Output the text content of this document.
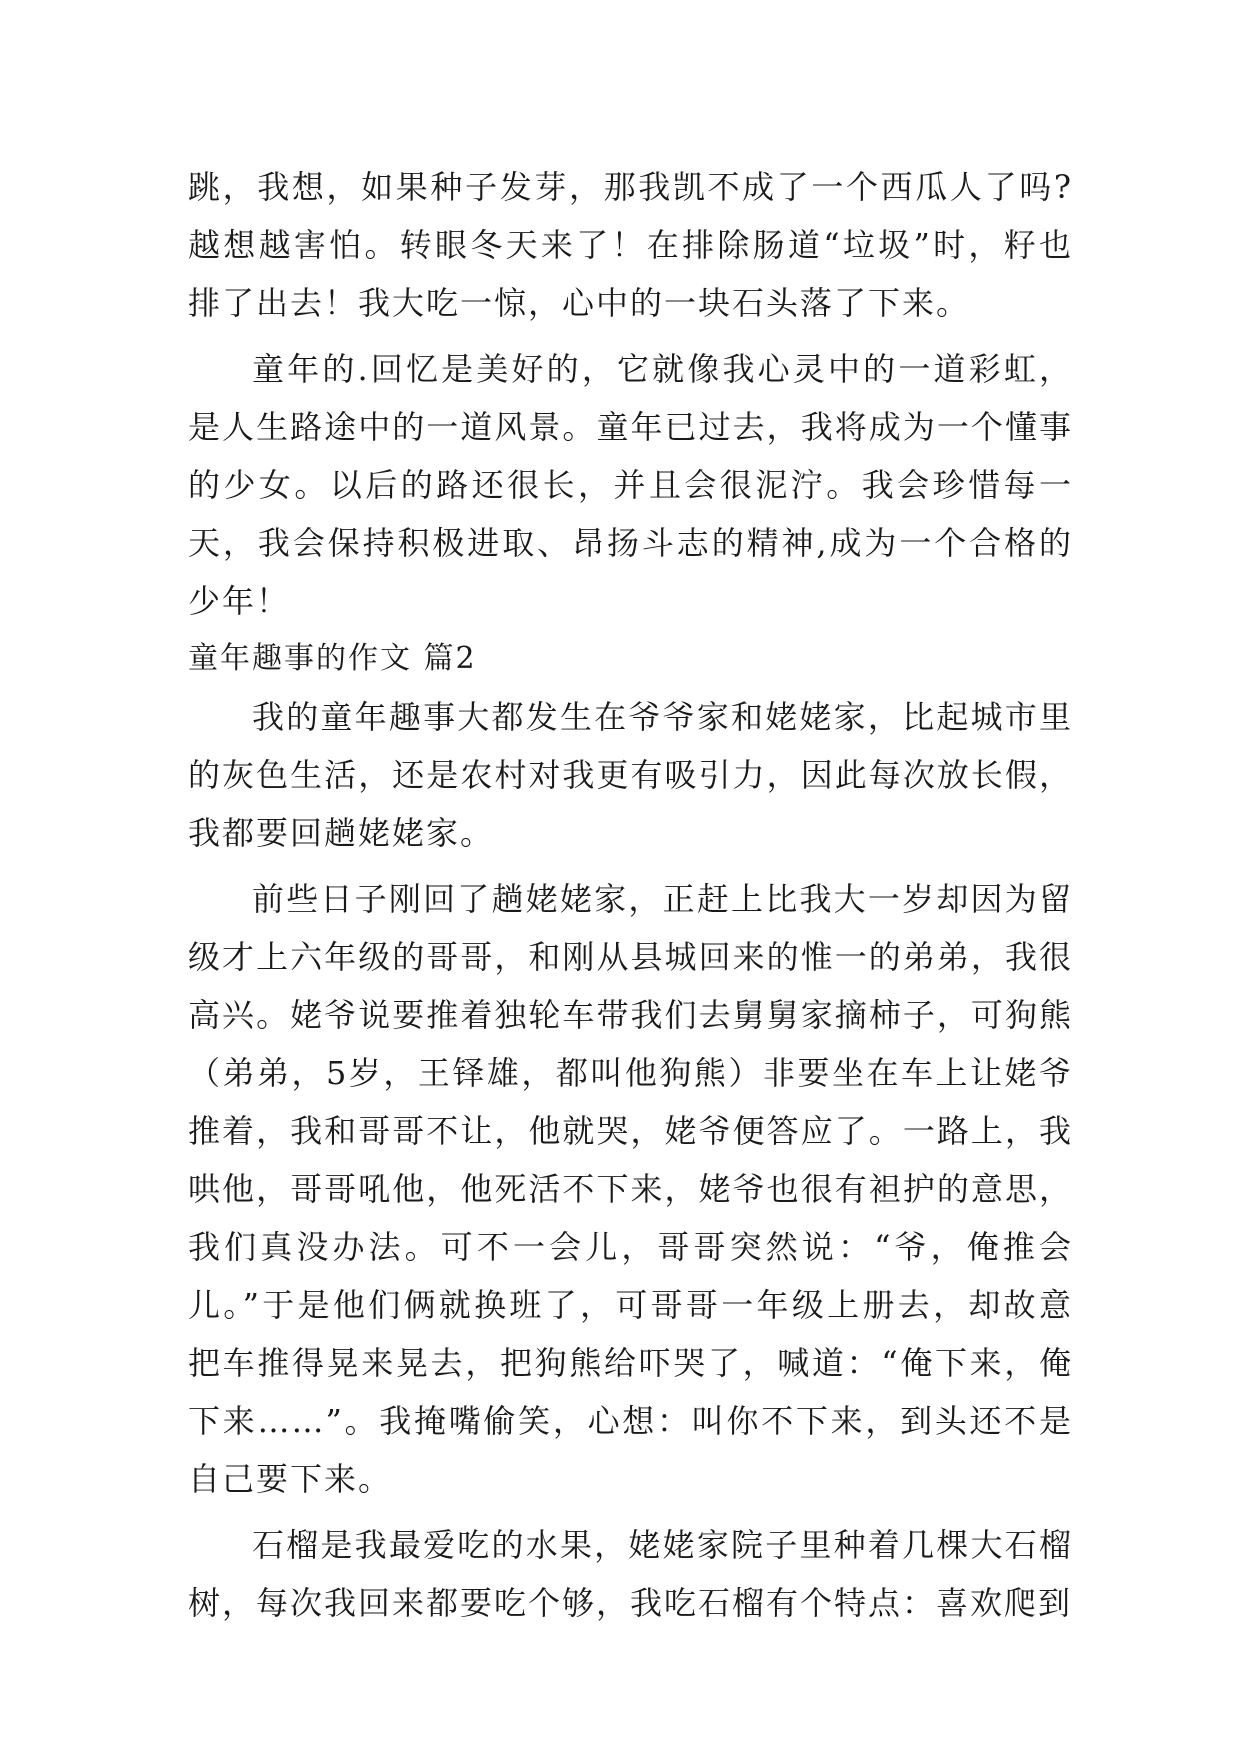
跳，我想，如果种子发芽，那我凯不成了一个西瓜人了吗?越想越害怕。转眼冬天来了！在排除肠道“垃圾”时，籽也排了出去！我大吃一惊，心中的一块石头落了下来。

童年的.回忆是美好的，它就像我心灵中的一道彩虹，是人生路途中的一道风景。童年已过去，我将成为一个懂事的少女。以后的路还很长，并且会很泥泞。我会珍惜每一天，我会保持积极进取、昂扬斗志的精神,成为一个合格的少年！

童年趣事的作文 篇2

我的童年趣事大都发生在爷爷家和姥姥家，比起城市里的灰色生活，还是农村对我更有吸引力，因此每次放长假，我都要回趟姥姥家。

前些日子刚回了趟姥姥家，正赶上比我大一岁却因为留级才上六年级的哥哥，和刚从县城回来的惟一的弟弟，我很高兴。姥爷说要推着独轮车带我们去舅舅家摘柿子，可狗熊（弟弟，5岁，王铎雄，都叫他狗熊）非要坐在车上让姥爷推着，我和哥哥不让，他就哭，姥爷便答应了。一路上，我哄他，哥哥吼他，他死活不下来，姥爷也很有袒护的意思，我们真没办法。可不一会儿，哥哥突然说：“爷，俺推会儿。”于是他们俩就换班了，可哥哥一年级上册去，却故意把车推得晃来晃去，把狗熊给吓哭了，喊道：“俺下来，俺下来……”。我掩嘴偷笑，心想：叫你不下来，到头还不是自己要下来。

石榴是我最爱吃的水果，姥姥家院子里种着几棵大石榴树，每次我回来都要吃个够，我吃石榴有个特点：喜欢爬到
